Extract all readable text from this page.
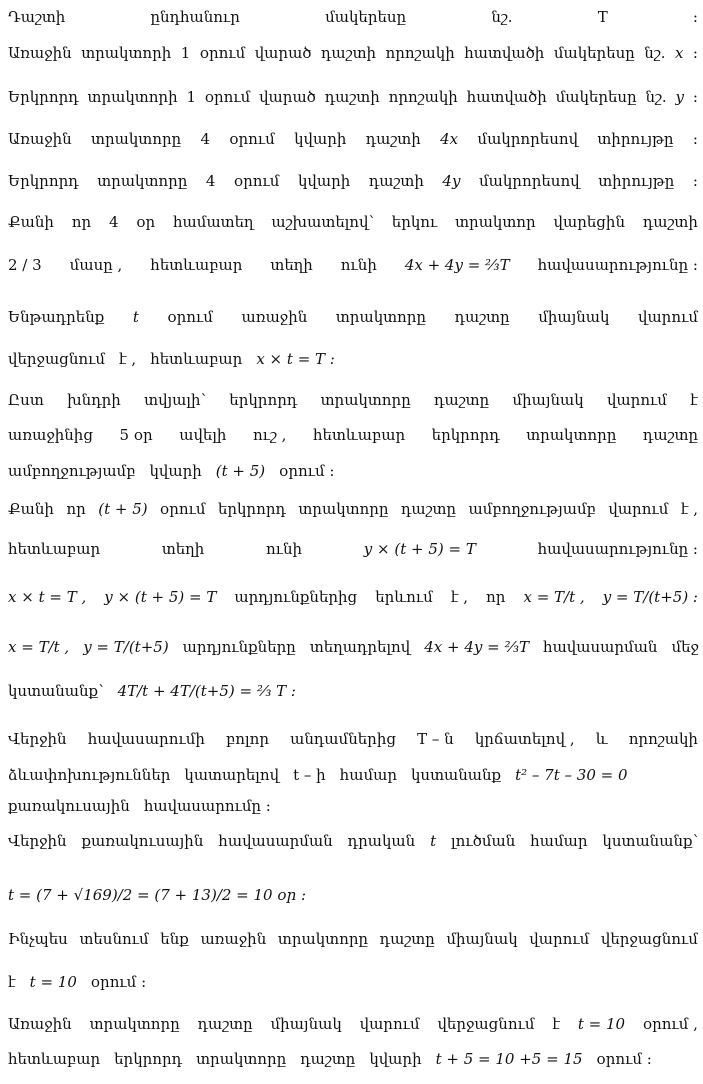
Դաշտի	ընդհանուր	մակերեսը	նշ.	T	:
Առաջին տրակտորի 1 օրում վարած դաշտի որոշակի հատվածի մակերեսը նշ. x :
Երկրորդ տրակտորի 1 օրում վարած դաշտի որոշակի հատվածի մակերեսը նշ. y :
Առաջին տրակտորը 4 օրում կվարի դաշտի 4x մակրորեսով տիրույթը :
Երկրորդ տրակտորը 4 օրում կվարի դաշտի 4y մակրորեսով տիրույթը :
Քանի որ 4 օր համատեղ աշխատելով՝ երկու տրակտոր վարեցին դաշտի
2 / 3 մասը , հետևաբար տեղի ունի 4x + 4y = ⅔T հավասարությունը :
Ենթադրենք t օրում առաջին տրակտորը դաշտը միայնակ վարում
վերջացնում է , հետևաբար x × t = T :
Ըստ խնդրի տվյալի՝ երկրորդ տրակտորը դաշտը միայնակ վարում է
առաջինից 5 օր ավելի ուշ , հետևաբար երկրորդ տրակտորը դաշտը
ամբողջությամբ կվարի (t + 5) օրում :
Քանի որ (t + 5) օրում երկրորդ տրակտորը դաշտը ամբողջությամբ վարում է ,
հետևաբար	տեղի	ունի	y × (t + 5) = T	հավասարությունը :
x × t = T , y × (t + 5) = T արդյունքներից երևում է , որ x = T/t , y = T/(t+5) :
x = T/t , y = T/(t+5) արդյունքները տեղադրելով 4x + 4y = ⅔T հավասարման մեջ
կստանանք՝ 4T/t + 4T/(t+5) = ⅔ T :
Վերջին հավասարումի բոլոր անդամներից T – ն կրճատելով , և որոշակի
ձևափոխություններ կատարելով t – ի համար կստանանք t² – 7t – 30 = 0
քառակուսային հավասարումը :
Վերջին քառակուսային հավասարման դրական t լուծման համար կստանանք՝
t = (7 + √169)/2 = (7 + 13)/2 = 10 օր :
Ինչպես տեսնում ենք առաջին տրակտորը դաշտը միայնակ վարում վերջացնում
է t = 10 օրում :
Առաջին տրակտորը դաշտը միայնակ վարում վերջացնում է t = 10 օրում ,
հետևաբար երկրորդ տրակտորը դաշտը կվարի t + 5 = 10 +5 = 15 օրում :
